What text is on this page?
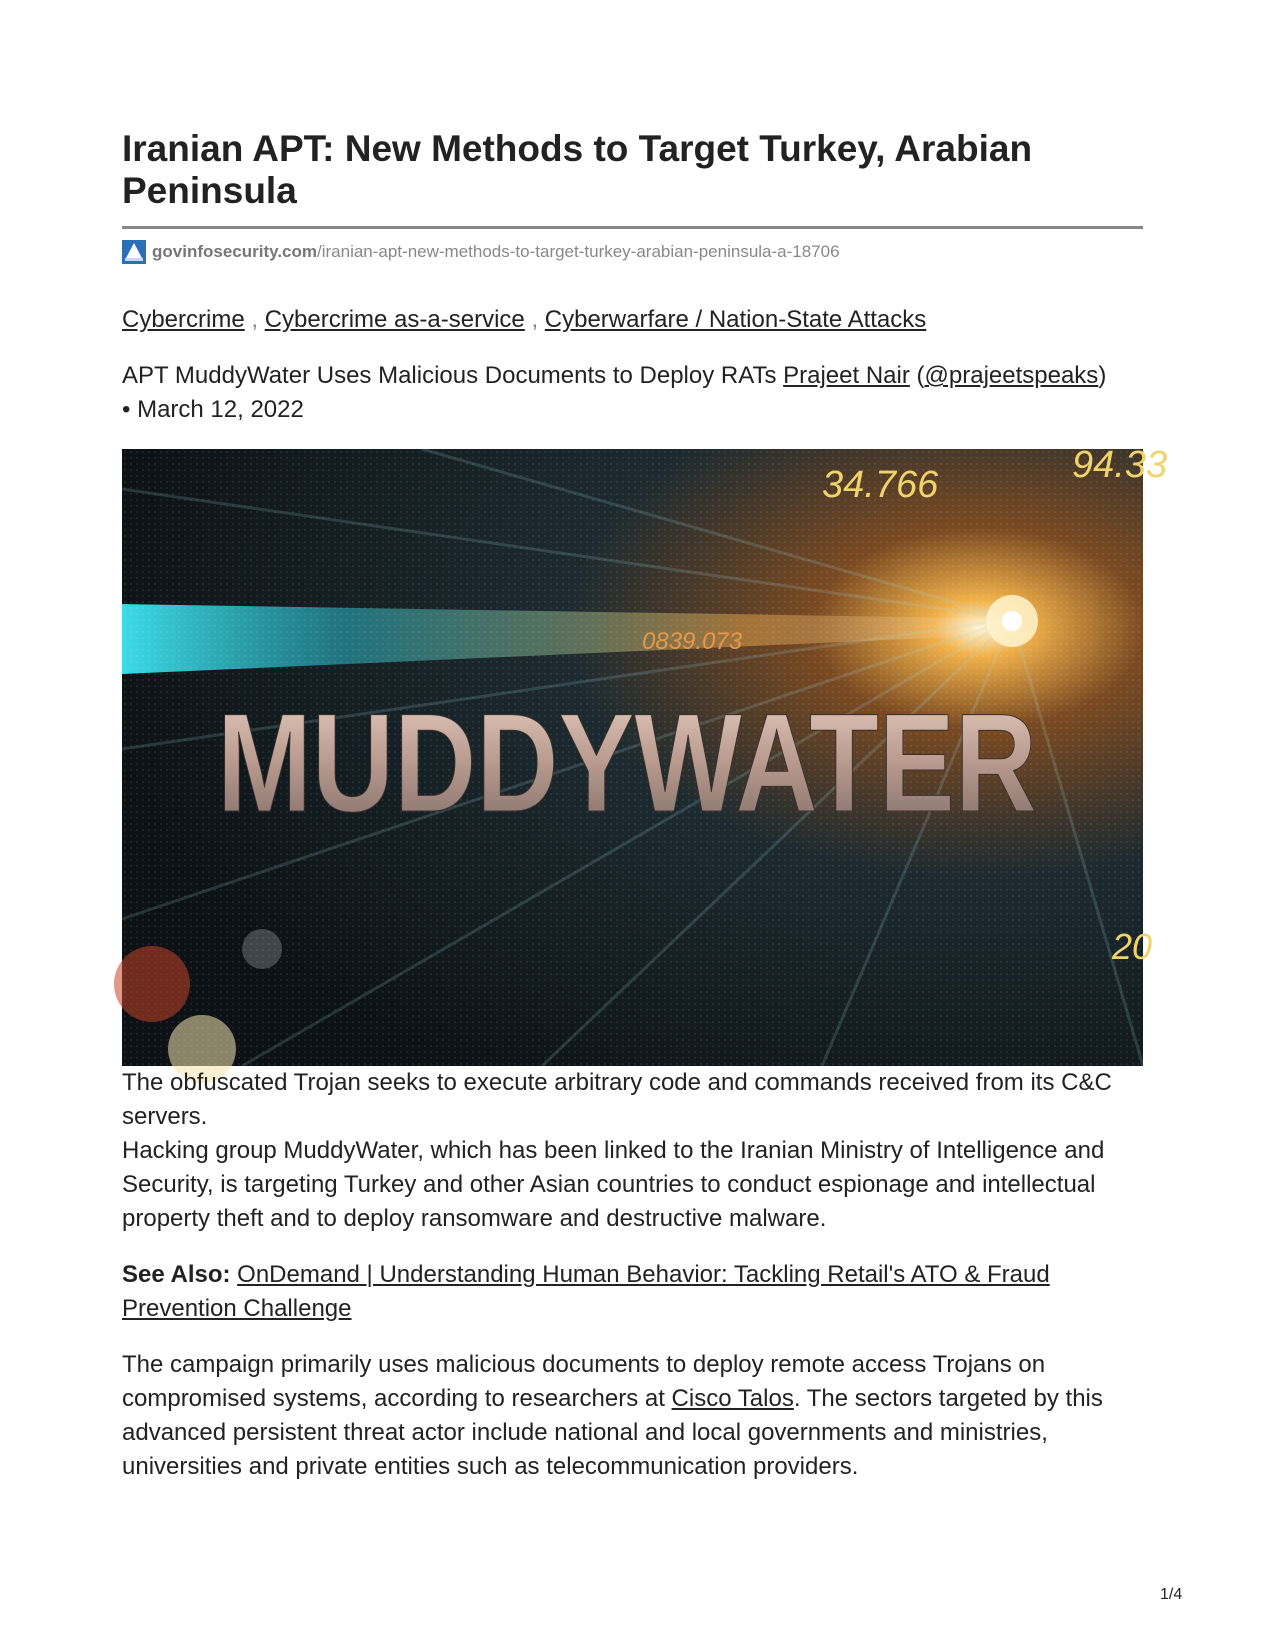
Iranian APT: New Methods to Target Turkey, Arabian Peninsula
govinfosecurity.com /iranian-apt-new-methods-to-target-turkey-arabian-peninsula-a-18706
Cybercrime , Cybercrime as-a-service , Cyberwarfare / Nation-State Attacks
APT MuddyWater Uses Malicious Documents to Deploy RATs Prajeet Nair (@prajeetspeaks)
• March 12, 2022
34.766	94.33
0839.073
20
MUDDYWATER

The obfuscated Trojan seeks to execute arbitrary code and commands received from its C&C servers.

Hacking group MuddyWater, which has been linked to the Iranian Ministry of Intelligence and Security, is targeting Turkey and other Asian countries to conduct espionage and intellectual property theft and to deploy ransomware and destructive malware.

See Also: OnDemand | Understanding Human Behavior: Tackling Retail's ATO & Fraud Prevention Challenge

The campaign primarily uses malicious documents to deploy remote access Trojans on compromised systems, according to researchers at Cisco Talos. The sectors targeted by this advanced persistent threat actor include national and local governments and ministries, universities and private entities such as telecommunication providers.

1/4
